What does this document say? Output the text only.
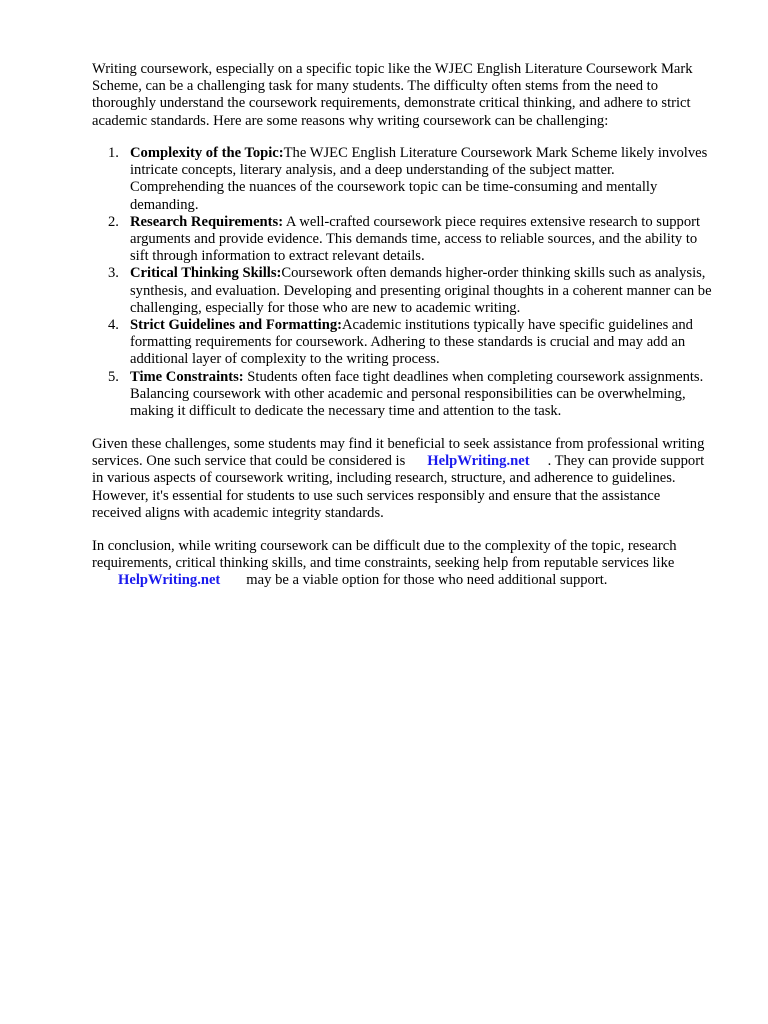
Writing coursework, especially on a specific topic like the WJEC English Literature Coursework Mark Scheme, can be a challenging task for many students. The difficulty often stems from the need to thoroughly understand the coursework requirements, demonstrate critical thinking, and adhere to strict academic standards. Here are some reasons why writing coursework can be challenging:

1. Complexity of the Topic:The WJEC English Literature Coursework Mark Scheme likely involves intricate concepts, literary analysis, and a deep understanding of the subject matter. Comprehending the nuances of the coursework topic can be time-consuming and mentally demanding.
2. Research Requirements: A well-crafted coursework piece requires extensive research to support arguments and provide evidence. This demands time, access to reliable sources, and the ability to sift through information to extract relevant details.
3. Critical Thinking Skills:Coursework often demands higher-order thinking skills such as analysis, synthesis, and evaluation. Developing and presenting original thoughts in a coherent manner can be challenging, especially for those who are new to academic writing.
4. Strict Guidelines and Formatting:Academic institutions typically have specific guidelines and formatting requirements for coursework. Adhering to these standards is crucial and may add an additional layer of complexity to the writing process.
5. Time Constraints: Students often face tight deadlines when completing coursework assignments. Balancing coursework with other academic and personal responsibilities can be overwhelming, making it difficult to dedicate the necessary time and attention to the task.

Given these challenges, some students may find it beneficial to seek assistance from professional writing services. One such service that could be considered is HelpWriting.net . They can provide support in various aspects of coursework writing, including research, structure, and adherence to guidelines. However, it's essential for students to use such services responsibly and ensure that the assistance received aligns with academic integrity standards.

In conclusion, while writing coursework can be difficult due to the complexity of the topic, research requirements, critical thinking skills, and time constraints, seeking help from reputable services like
HelpWriting.net may be a viable option for those who need additional support.
